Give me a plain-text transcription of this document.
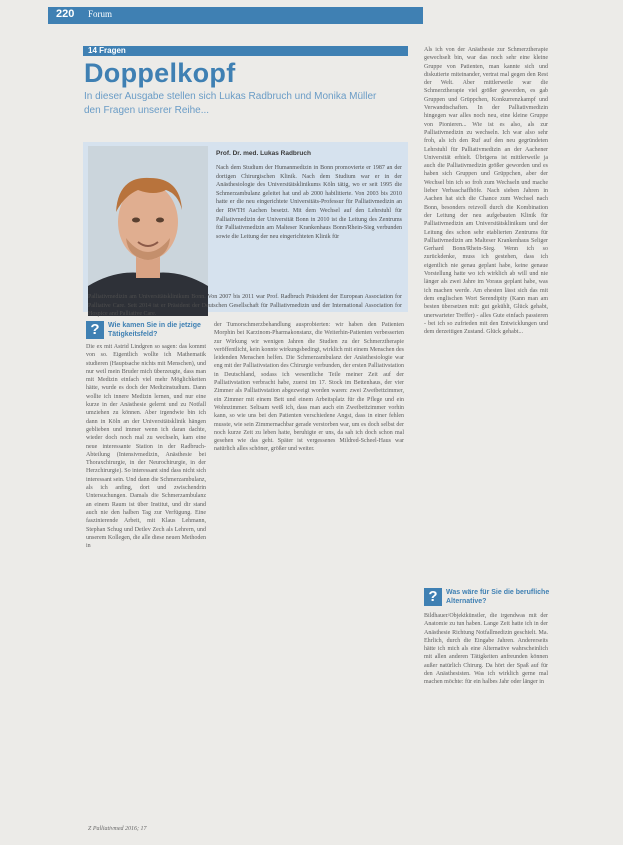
220 Forum
14 Fragen
Doppelkopf

In dieser Ausgabe stellen sich Lukas Radbruch und Monika Müller den Fragen unserer Reihe...

Prof. Dr. med. Lukas Radbruch

Nach dem Studium der Humanmedizin in Bonn promovierte er 1987 an der dortigen Chirurgischen Klinik. Nach dem Studium war er in der Anästhesiologie des Universitätsklinikums Köln tätig, wo er seit 1995 die Schmerzambulanz geleitet hat und ab 2000 habilitierte. Von 2003 bis 2010 hatte er die neu eingerichtete Universitäts-Professur für Palliativmedizin an der RWTH Aachen besetzt. Mit dem Wechsel auf den Lehrstuhl für Palliativmedizin der Universität Bonn in 2010 ist die Leitung des Zentrums für Palliativmedizin am Malteser Krankenhaus Bonn/Rhein-Sieg verbunden sowie die Leitung der neu eingerichteten Klinik für

Palliativmedizin am Universitätsklinikum Bonn. Von 2007 bis 2011 war Prof. Radbruch Präsident der European Association for Palliative Care. Seit 2014 ist er Präsident der Deutschen Gesellschaft für Palliativmedizin und der International Association for Hospice and Palliative Care.

?	Wie kamen Sie in die jetzige Tätigkeitsfeld?

Die ex mit Astrid Lindgren so sagen: das kommt von so. Eigentlich wollte ich Mathematik studieren (Hauptsache nichts mit Menschen), und nur weil mein Bruder mich überzeugte, dass man mit Medizin einfach viel mehr Möglichkeiten hätte, wurde es doch der Medizinstudium. Dann wollte ich innere Medizin lernen, und nur eine kurze in der Anästhesie gelernt und zu Notfall umziehen zu können. Aber irgendwie bin ich dann in Köln an der Universitätsklinik hängen geblieben und immer wenn ich daran dachte, wieder doch noch mal zu wechseln, kam eine neue interessante Station in der Radbruch-Abteilung (Intensivmedizin, Anästhesie bei Thoraxchirurgie, in der Neurochirurgie, in der Herzchirurgie). So interessant sind dass nicht sich interessant sein. Und dann die Schmerzambulanz, als ich anfing, dort und zwischendrin Untersuchungen. Damals die Schmerzambulanz an einem Raum ist über Institut, und dir stand auch nie den halben Tag zur Verfügung. Eine faszinierende Arbeit, mit Klaus Lehmann, Stephan Schug und Detlev Zech als Lehrern, und unserem Kollegen, die alle diese neuen Methoden in

der Tumorschmerzbehandlung ausprobierten: wir haben den Patienten Morphin bei Karzinom-Pharmakonstanz, die Weiterhin-Patienten verbesserten zur Wirkung wir wenigen Jahren die Studien zu der Schmerztherapie veröffentlicht, kein konnte wirkungsbedingt, wirklich mit einem Menschen des leidenden Menschen helfen. Die Schmerzambulanz der Anästhesiologie war eng mit der Palliativstation des Chirurgie verbunden, der ersten Palliativstation in Deutschland, sodass ich wesentliche Teile meiner Zeit auf der Palliativstation verbracht habe, zuerst im 17. Stock im Bettenhaus, der vier Zimmer als Palliativstation abgezweigt worden waren: zwei Zweibettzimmer, ein Zimmer mit einem Bett und einem Arbeitsplatz für die Pflege und ein Wohnzimmer. Seltsam weiß ich, dass man auch ein Zweibettzimmer vorhin kann, so wie uns bei den Patienten verschiedene Angst, dass in einer fehlen musste, wie sein Zimmernachbar gerade verstorben war, um es doch selbst der noch kurze Zeit zu leben hatte, beruhigte er uns, da sah ich doch schon mal gesehen wie das geht. Später ist vergessenes Mildred-Scheel-Haus war natürlich alles schöner, größer und weiter.

Als ich von der Anästhesie zur Schmerztherapie gewechselt bin, war das noch sehr eine kleine Gruppe von Patienten, man kannte sich und diskutierte miteinander, vertrat mal gegen den Rest der Welt. Aber mittlerweile war die Schmerztherapie viel größer geworden, es gab Gruppen und Grüppchen, Konkurrenzkampf und Verwandtschaften. In der Palliativmedizin hingegen war alles noch neu, eine kleine Gruppe von Pionieren... Wie ist es also, als zur Palliativmedizin zu wechseln. Ich war also sehr froh, als ich den Ruf auf den neu gegründeten Lehrstuhl für Palliativmedizin an der Aachener Universität erhielt. Übrigens ist mittlerweile ja auch die Palliativmedizin größer geworden und es haben sich Gruppen und Grüppchen, aber der Wechsel bin ich so froh zum Wechseln und mache lieber Verbaschaffhöfe. Nach sieben Jahren in Aachen hat sich die Chance zum Wechsel nach Bonn, besonders reizvoll durch die Kombination der Leitung der neu aufgebauten Klinik für Palliativmedizin am Universitätsklinikum und der Leitung des schon sehr etablierten Zentrums für Palliativmedizin am Malteser Krankenhaus Seliger Gerhard Bonn/Rhein-Sieg. Wenn ich so zurückdenke, muss ich gestehen, dass ich eigentlich nie genau geplant habe, keine genaue Vorstellung hatte wo ich wirklich ab will und nie länger als zwei Jahre im Voraus geplant habe, was ich machen werde. Am ehesten lässt sich das mit dem englischen Wort Serendipity (Kann man am besten übersetzen mit: gut gekühlt, Glück gehabt, unerwarteter Treffer) - alles Gute einfach passieren - bei ich so zufrieden mit den Entwicklungen und dem derzeitigen Zustand. Glück gehabt...

?	Was wäre für Sie die berufliche Alternative?

Bildhauer/Objektkünstler, die irgendwas mit der Anatomie zu tun haben. Lange Zeit hatte ich in der Anästhesie Richtung Notfallmedizin geschielt. Ma. Ehrlich, durch die Eingabe Jahren. Andererseits hätte ich mich als eine Alternative wahrscheinlich mit allen anderen Tätigkeiten anfreunden können außer natürlich Chirurg. Da hört der Spaß auf für den Anästhesisten. Was ich wirklich gerne mal machen möchte: für ein halbes Jahr oder länger in

Z Palliativmed 2016; 17
